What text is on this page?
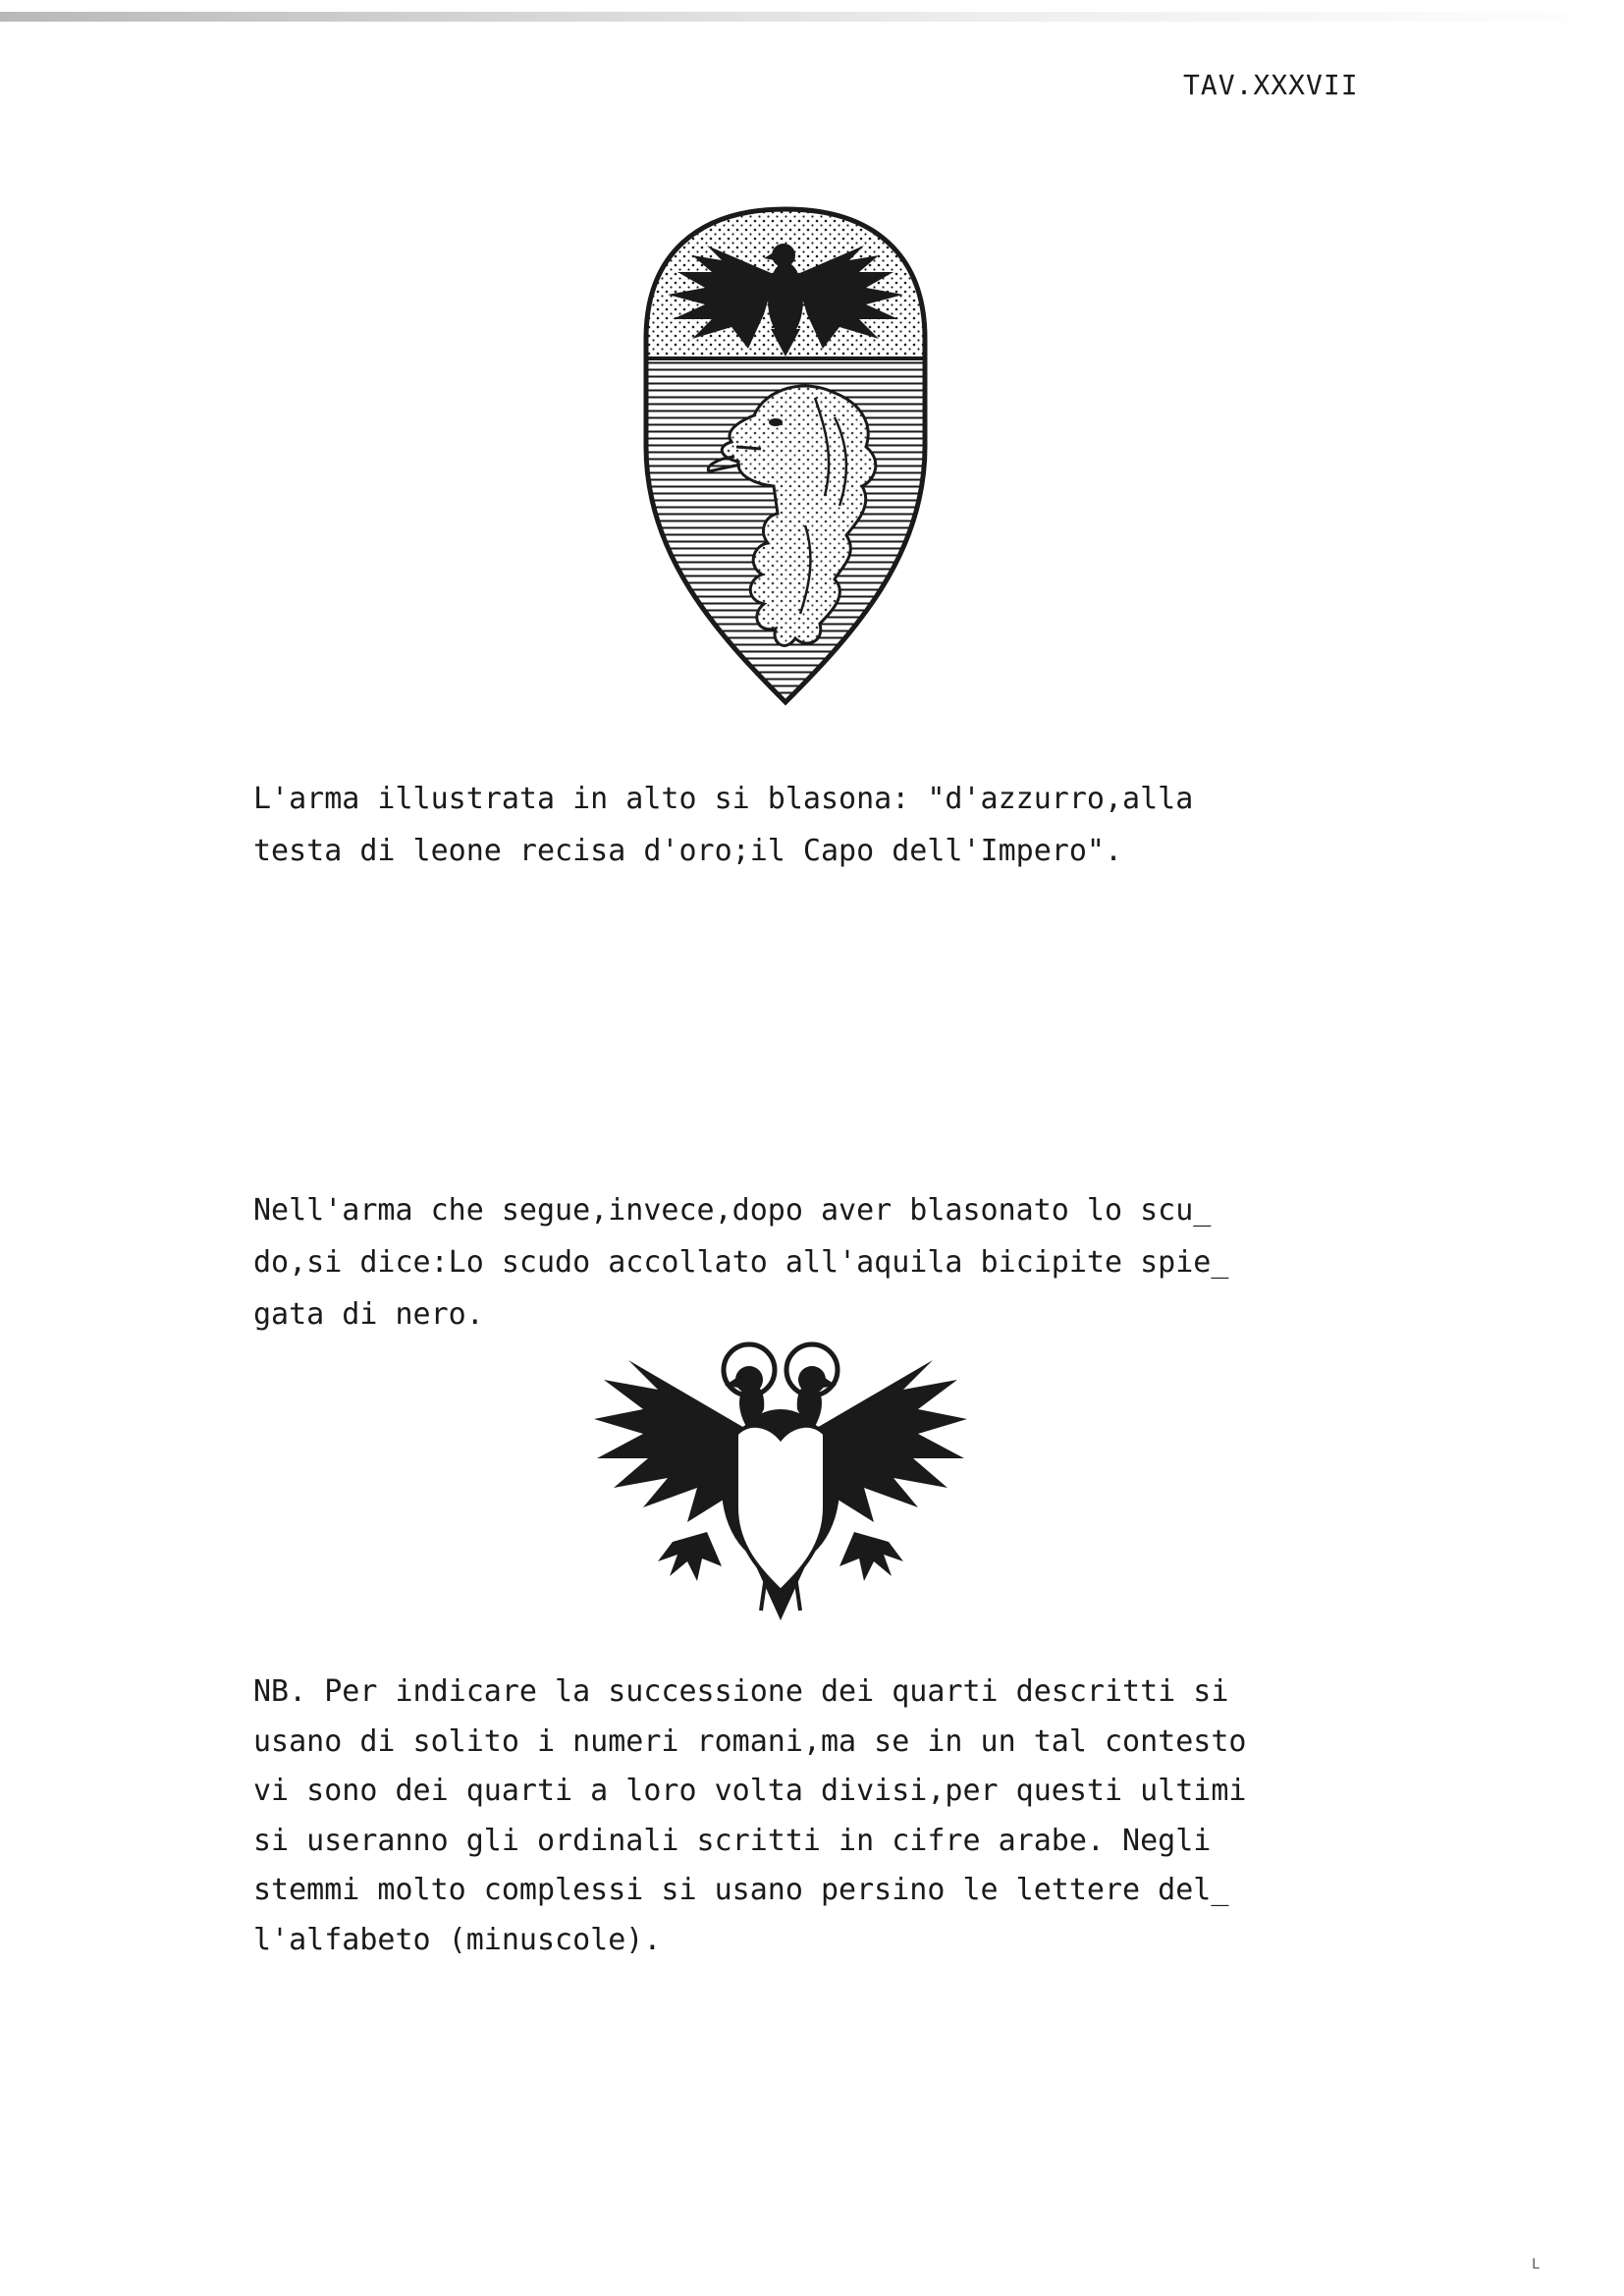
TAV.XXXVII

L'arma illustrata in alto si blasona: "d'azzurro,alla
testa di leone recisa d'oro;il Capo dell'Impero".

Nell'arma che segue,invece,dopo aver blasonato lo scu_
do,si dice:Lo scudo accollato all'aquila bicipite spie_
gata di nero.

NB. Per indicare la successione dei quarti descritti si
usano di solito i numeri romani,ma se in un tal contesto
vi sono dei quarti a loro volta divisi,per questi ultimi
si useranno gli ordinali scritti in cifre arabe. Negli
stemmi molto complessi si usano persino le lettere del_
l'alfabeto (minuscole).

L
